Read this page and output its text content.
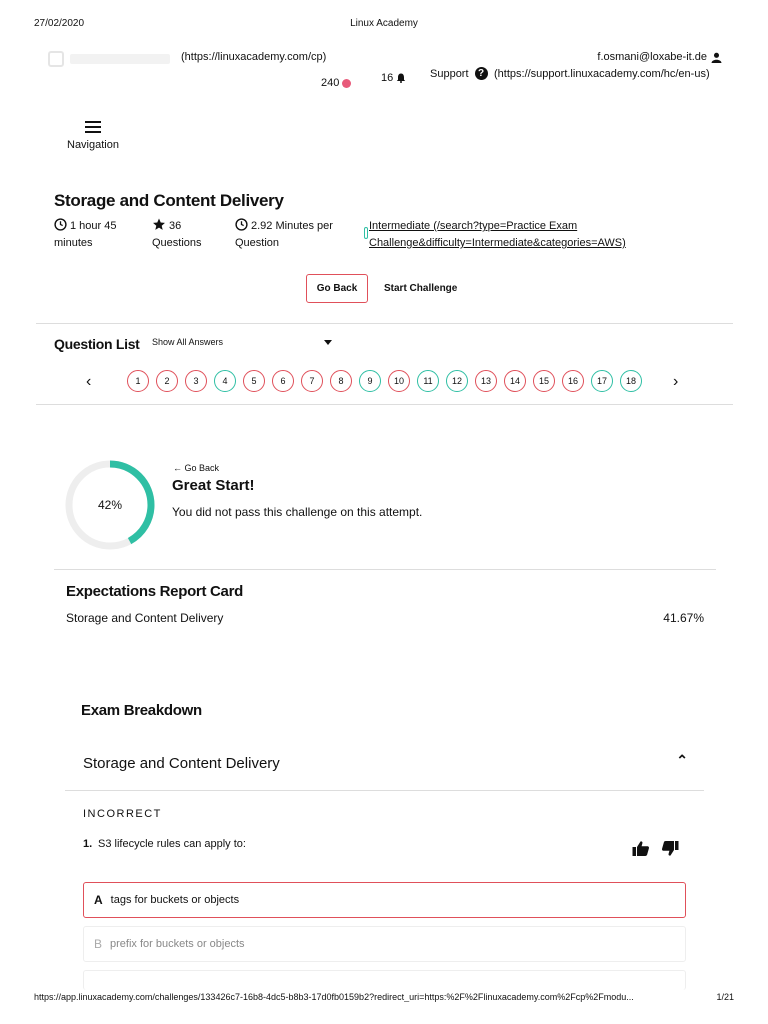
27/02/2020	Linux Academy
(https://linuxacademy.com/cp)	f.osmani@loxabe-it.de
240	16	Support ? (https://support.linuxacademy.com/hc/en-us)
Navigation
Storage and Content Delivery
1 hour 45 minutes
36 Questions
2.92 Minutes per Question
Intermediate (/search?type=Practice Exam Challenge&difficulty=Intermediate&categories=AWS)
Go Back	Start Challenge
Question List Show All Answers
‹	1	2	3	4	5	6	7	8	9	10	11	12	13	14	15	16	17	18	›
42%
← Go Back
Great Start!
You did not pass this challenge on this attempt.
Expectations Report Card
Storage and Content Delivery	41.67%
Exam Breakdown
Storage and Content Delivery	⌃
INCORRECT
1. S3 lifecycle rules can apply to:
A tags for buckets or objects
B prefix for buckets or objects
https://app.linuxacademy.com/challenges/133426c7-16b8-4dc5-b8b3-17d0fb0159b2?redirect_uri=https:%2F%2Flinuxacademy.com%2Fcp%2Fmodu...	1/21
